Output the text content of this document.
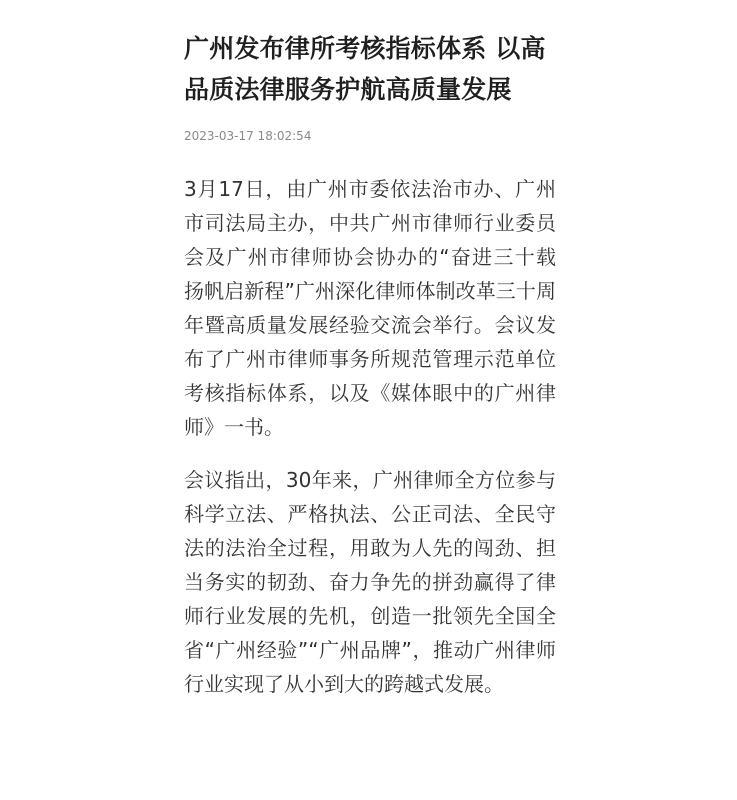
广州发布律所考核指标体系 以高品质法律服务护航高质量发展
2023-03-17 18:02:54

3月17日，由广州市委依法治市办、广州市司法局主办，中共广州市律师行业委员会及广州市律师协会协办的“奋进三十载 扬帆启新程”广州深化律师体制改革三十周年暨高质量发展经验交流会举行。会议发布了广州市律师事务所规范管理示范单位考核指标体系，以及《媒体眼中的广州律师》一书。

会议指出，30年来，广州律师全方位参与科学立法、严格执法、公正司法、全民守法的法治全过程，用敢为人先的闯劲、担当务实的韧劲、奋力争先的拼劲赢得了律师行业发展的先机，创造一批领先全国全省“广州经验”“广州品牌”，推动广州律师行业实现了从小到大的跨越式发展。
